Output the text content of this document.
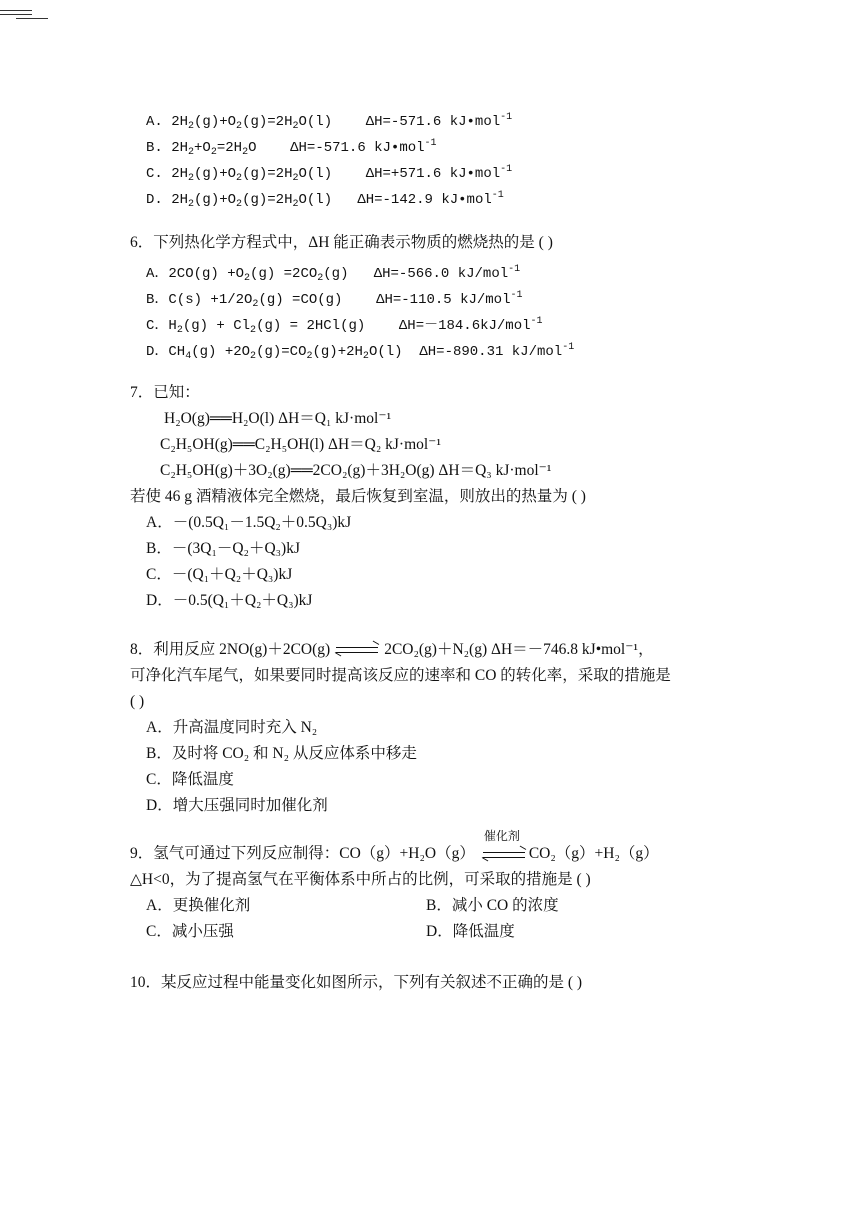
A. $2H_2(g)+O_2(g)=2H_2O(l)$ ΔH=-571.6 kJ•mol$^{-1}$
B. $2H_2+O_2=2H_2O$ ΔH=-571.6 kJ•mol$^{-1}$
C. $2H_2(g)+O_2(g)=2H_2O(l)$ ΔH=+571.6 kJ•mol$^{-1}$
D. $2H_2(g)+O_2(g)=2H_2O(l)$ ΔH=-142.9 kJ•mol$^{-1}$
6．下列热化学方程式中，ΔH 能正确表示物质的燃烧热的是 ( )
A．$2CO(g) +O_2(g) =2CO_2(g)$ ΔH=-566.0 kJ/mol$^{-1}$
B．$C(s) +1/2O_2(g) =CO(g)$ ΔH=-110.5 kJ/mol$^{-1}$
C．$H_2(g) + Cl_2(g) = 2HCl(g)$ ΔH=－184.6kJ/mol$^{-1}$
D．$CH_4(g) +2O_2(g)=CO_2(g)+2H_2O(l)$ ΔH=-890.31 kJ/mol$^{-1}$
7．已知：
H₂O(g)══H₂O(l) ΔH＝Q₁ kJ·mol⁻¹
C₂H₅OH(g)══C₂H₅OH(l) ΔH＝Q₂ kJ·mol⁻¹
C₂H₅OH(g)＋3O₂(g)══2CO₂(g)＋3H₂O(g) ΔH＝Q₃ kJ·mol⁻¹
若使 46 g 酒精液体完全燃烧，最后恢复到室温，则放出的热量为 ( )
A．－(0.5Q₁－1.5Q₂＋0.5Q₃)kJ
B．－(3Q₁－Q₂＋Q₃)kJ
C．－(Q₁＋Q₂＋Q₃)kJ
D．－0.5(Q₁＋Q₂＋Q₃)kJ
8．利用反应 2NO(g)＋2CO(g)	2CO₂(g)＋N₂(g) ΔH＝－746.8 kJ•mol⁻¹，
可净化汽车尾气，如果要同时提高该反应的速率和 CO 的转化率，采取的措施是
( )
A．升高温度同时充入 N₂
B．及时将 CO₂ 和 N₂ 从反应体系中移走
C．降低温度
D．增大压强同时加催化剂
9．氢气可通过下列反应制得：CO（g）+H₂O（g）
催化剂
CO₂（g）+H₂（g）
△H<0，为了提高氢气在平衡体系中所占的比例，可采取的措施是 ( )
A．更换催化剂	B．减小 CO 的浓度
C．减小压强	D．降低温度
10．某反应过程中能量变化如图所示，下列有关叙述不正确的是 ( )
